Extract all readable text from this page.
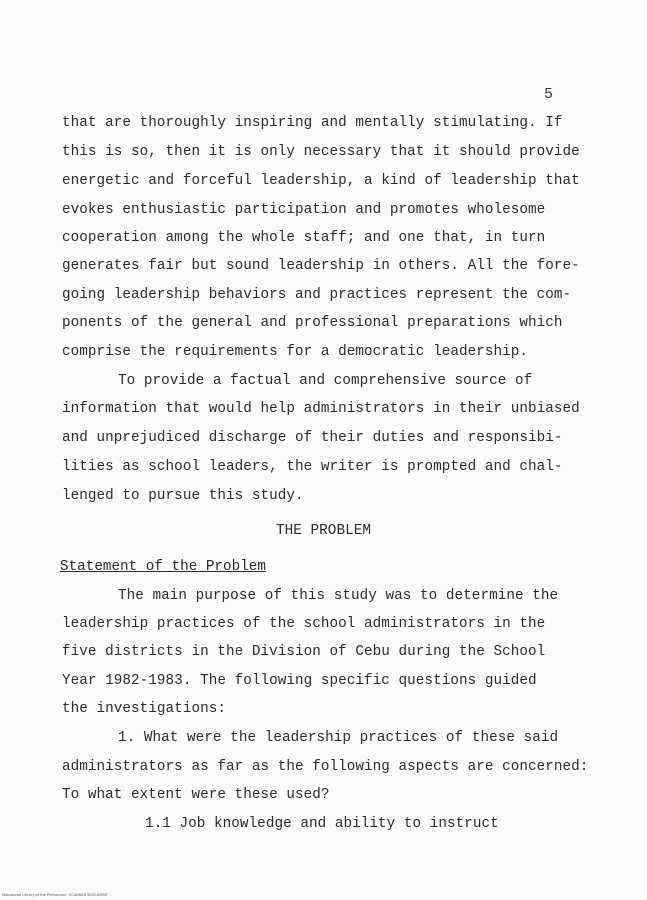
5
that are thoroughly inspiring and mentally stimulating. If
this is so, then it is only necessary that it should provide
energetic and forceful leadership, a kind of leadership that
evokes enthusiastic participation and promotes wholesome
cooperation among the whole staff; and one that, in turn
generates fair but sound leadership in others. All the fore-
going leadership behaviors and practices represent the com-
ponents of the general and professional preparations which
comprise the requirements for a democratic leadership.
To provide a factual and comprehensive source of
information that would help administrators in their unbiased
and unprejudiced discharge of their duties and responsibi-
lities as school leaders, the writer is prompted and chal-
lenged to pursue this study.
THE PROBLEM
Statement of the Problem
The main purpose of this study was to determine the
leadership practices of the school administrators in the
five districts in the Division of Cebu during the School
Year 1982-1983. The following specific questions guided
the investigations:
1. What were the leadership practices of these said
administrators as far as the following aspects are concerned:
To what extent were these used?
1.1 Job knowledge and ability to instruct
Mahasiswa Library of the Philippines · SCANNED DOCUMENT
